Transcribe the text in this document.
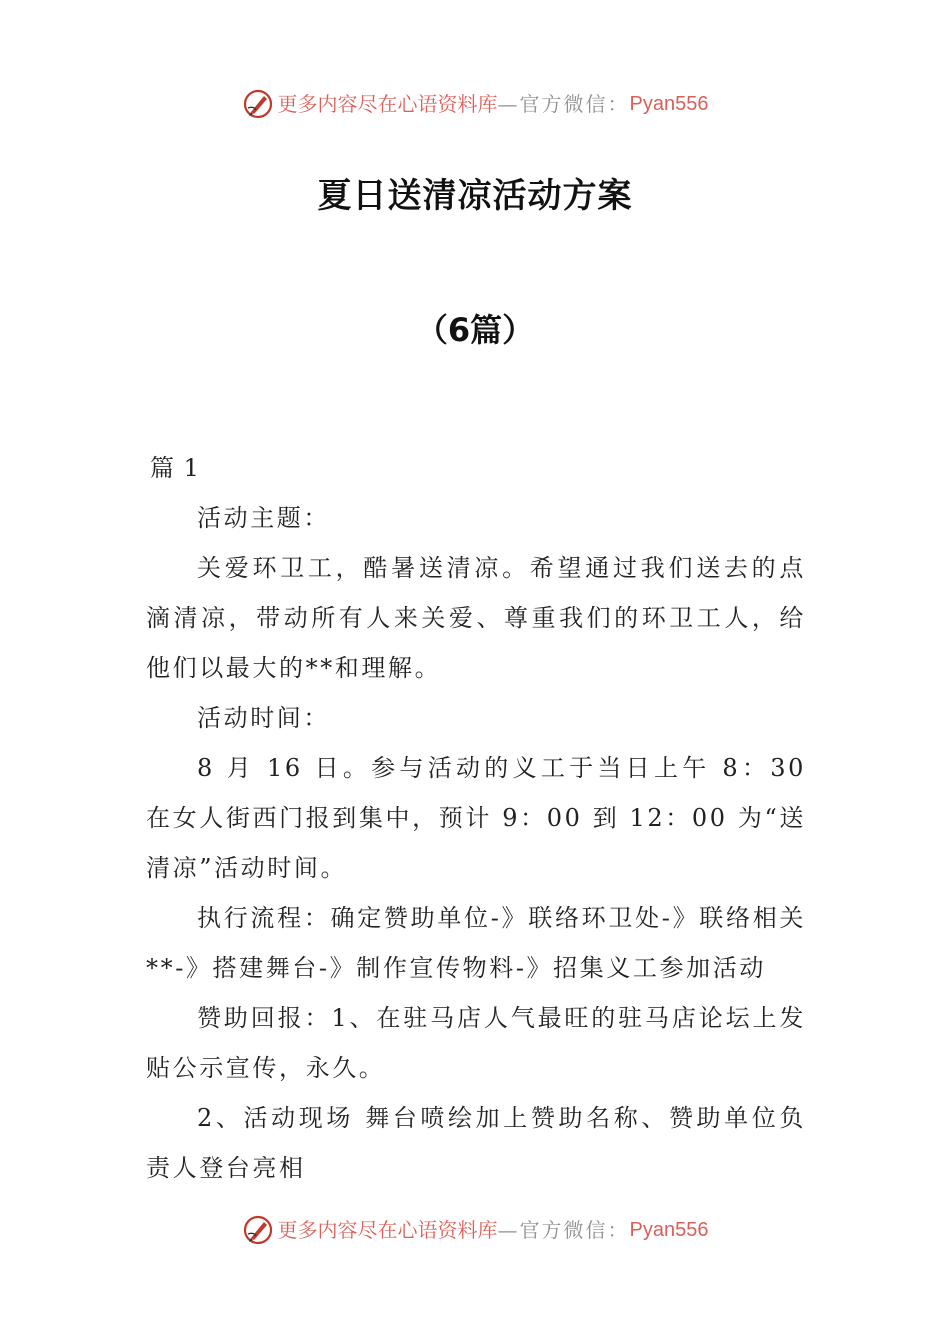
更多内容尽在心语资料库 —官方微信： Pyan556
夏日送清凉活动方案
（6篇）

篇 1

活动主题：

关爱环卫工，酷暑送清凉。希望通过我们送去的点滴清凉，带动所有人来关爱、尊重我们的环卫工人，给他们以最大的**和理解。

活动时间：

8 月 16 日。参与活动的义工于当日上午 8：30 在女人街西门报到集中，预计 9：00 到 12：00 为“送清凉”活动时间。

执行流程：确定赞助单位-》联络环卫处-》联络相关**-》搭建舞台-》制作宣传物料-》招集义工参加活动

赞助回报：1、在驻马店人气最旺的驻马店论坛上发贴公示宣传，永久。

2、活动现场 舞台喷绘加上赞助名称、赞助单位负责人登台亮相

更多内容尽在心语资料库 —官方微信： Pyan556
